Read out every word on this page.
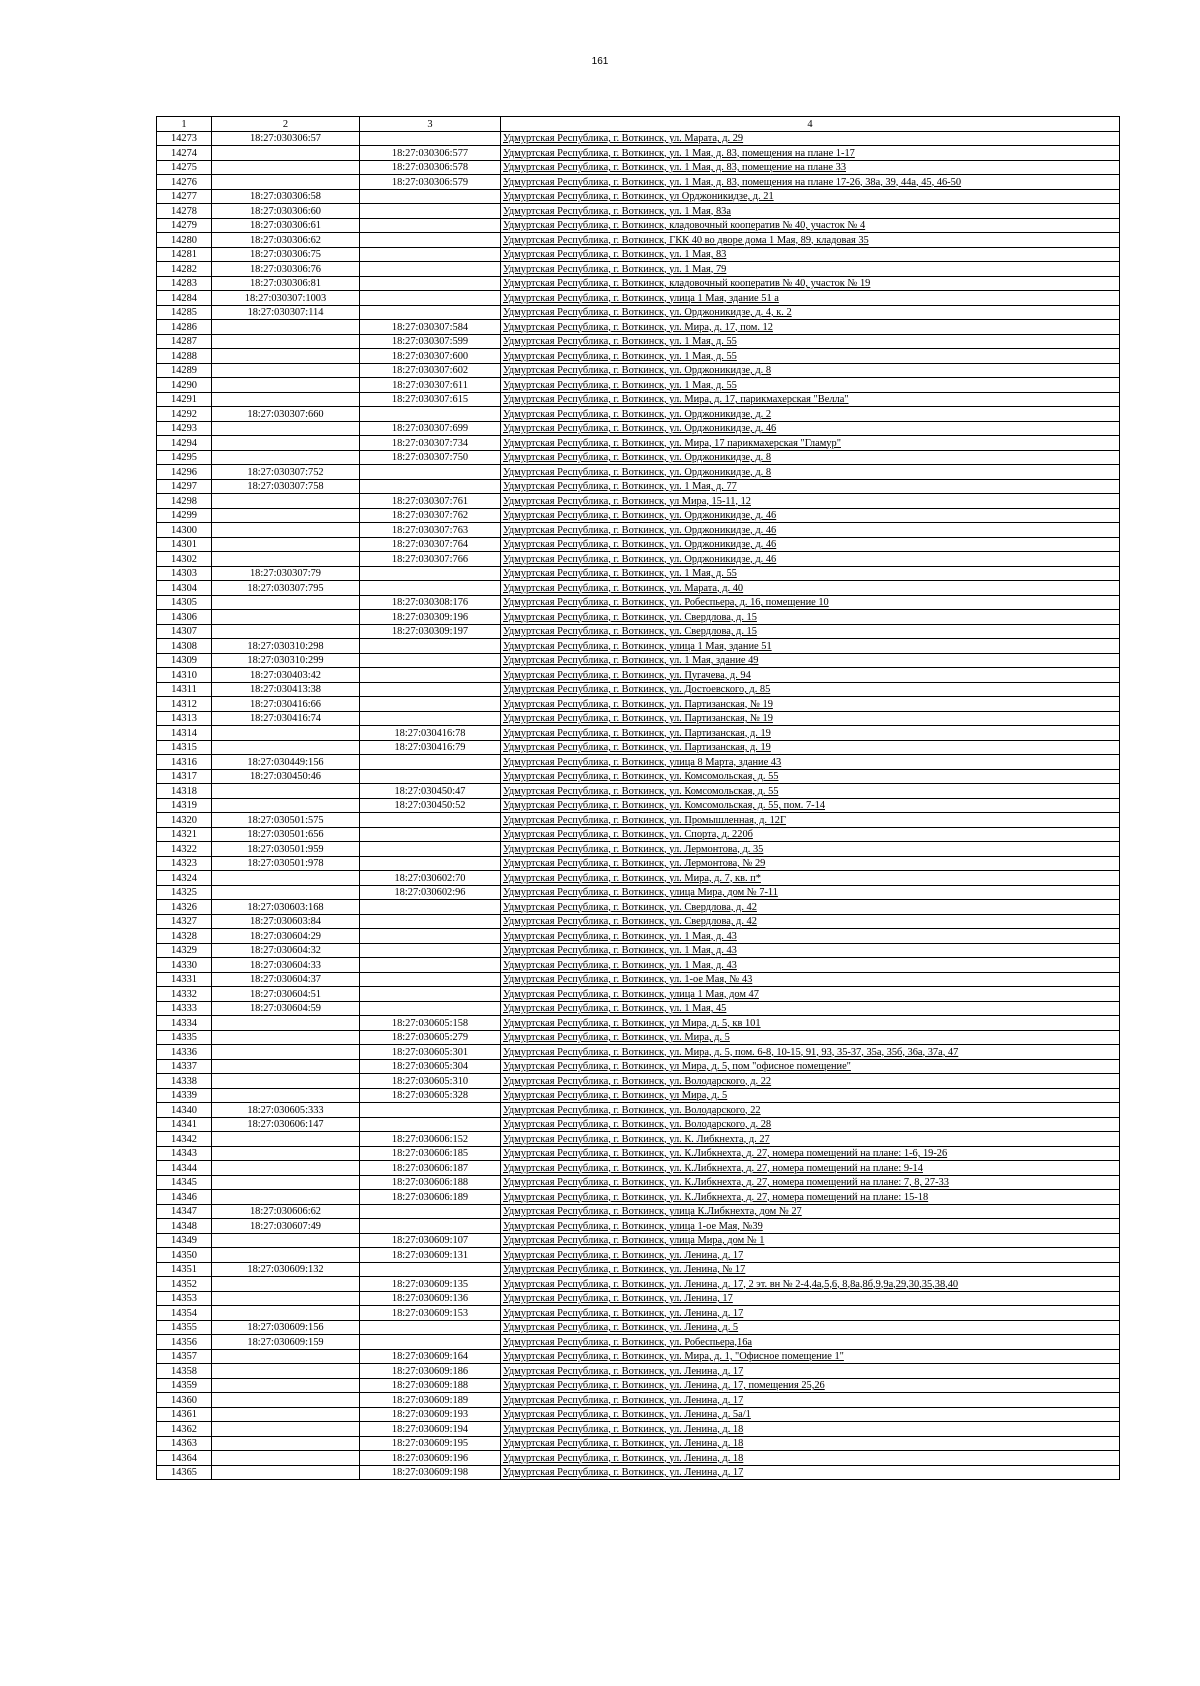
161
1	2	3	4
14273	18:27:030306:57		Удмуртская Республика, г. Воткинск, ул. Марата, д. 29
14274		18:27:030306:577	Удмуртская Республика, г. Воткинск, ул. 1 Мая, д. 83, помещения на плане 1-17
14275		18:27:030306:578	Удмуртская Республика, г. Воткинск, ул. 1 Мая, д. 83, помещение на плане 33
14276		18:27:030306:579	Удмуртская Республика, г. Воткинск, ул. 1 Мая, д. 83, помещения на плане 17-26, 38а, 39, 44а, 45, 46-50
14277	18:27:030306:58		Удмуртская Республика, г. Воткинск, ул Орджоникидзе, д. 21
14278	18:27:030306:60		Удмуртская Республика, г. Воткинск, ул. 1 Мая, 83а
14279	18:27:030306:61		Удмуртская Республика, г. Воткинск, кладовочный кооператив № 40, участок № 4
14280	18:27:030306:62		Удмуртская Республика, г. Воткинск, ГКК 40 во дворе дома 1 Мая, 89, кладовая 35
14281	18:27:030306:75		Удмуртская Республика, г. Воткинск, ул. 1 Мая, 83
14282	18:27:030306:76		Удмуртская Республика, г. Воткинск, ул. 1 Мая, 79
14283	18:27:030306:81		Удмуртская Республика, г. Воткинск, кладовочный кооператив № 40, участок № 19
14284	18:27:030307:1003		Удмуртская Республика, г. Воткинск, улица 1 Мая, здание 51 а
14285	18:27:030307:114		Удмуртская Республика, г. Воткинск, ул. Орджоникидзе, д. 4, к. 2
14286		18:27:030307:584	Удмуртская Республика, г. Воткинск, ул. Мира, д. 17, пом. 12
14287		18:27:030307:599	Удмуртская Республика, г. Воткинск, ул. 1 Мая, д. 55
14288		18:27:030307:600	Удмуртская Республика, г. Воткинск, ул. 1 Мая, д. 55
14289		18:27:030307:602	Удмуртская Республика, г. Воткинск, ул. Орджоникидзе, д. 8
14290		18:27:030307:611	Удмуртская Республика, г. Воткинск, ул. 1 Мая, д. 55
14291		18:27:030307:615	Удмуртская Республика, г. Воткинск, ул. Мира, д. 17, парикмахерская "Велла"
14292	18:27:030307:660		Удмуртская Республика, г. Воткинск, ул. Орджоникидзе, д. 2
14293		18:27:030307:699	Удмуртская Республика, г. Воткинск, ул. Орджоникидзе, д. 46
14294		18:27:030307:734	Удмуртская Республика, г. Воткинск, ул. Мира, 17 парикмахерская "Гламур"
14295		18:27:030307:750	Удмуртская Республика, г. Воткинск, ул. Орджоникидзе, д. 8
14296	18:27:030307:752		Удмуртская Республика, г. Воткинск, ул. Орджоникидзе, д. 8
14297	18:27:030307:758		Удмуртская Республика, г. Воткинск, ул. 1 Мая, д. 77
14298		18:27:030307:761	Удмуртская Республика, г. Воткинск, ул Мира, 15-11, 12
14299		18:27:030307:762	Удмуртская Республика, г. Воткинск, ул. Орджоникидзе, д. 46
14300		18:27:030307:763	Удмуртская Республика, г. Воткинск, ул. Орджоникидзе, д. 46
14301		18:27:030307:764	Удмуртская Республика, г. Воткинск, ул. Орджоникидзе, д. 46
14302		18:27:030307:766	Удмуртская Республика, г. Воткинск, ул. Орджоникидзе, д. 46
14303	18:27:030307:79		Удмуртская Республика, г. Воткинск, ул. 1 Мая, д. 55
14304	18:27:030307:795		Удмуртская Республика, г. Воткинск, ул. Марата, д. 40
14305		18:27:030308:176	Удмуртская Республика, г. Воткинск, ул. Робеспьера, д. 16, помещение 10
14306		18:27:030309:196	Удмуртская Республика, г. Воткинск, ул. Свердлова, д. 15
14307		18:27:030309:197	Удмуртская Республика, г. Воткинск, ул. Свердлова, д. 15
14308	18:27:030310:298		Удмуртская Республика, г. Воткинск, улица 1 Мая, здание 51
14309	18:27:030310:299		Удмуртская Республика, г. Воткинск, ул. 1 Мая, здание 49
14310	18:27:030403:42		Удмуртская Республика, г. Воткинск, ул. Пугачева, д. 94
14311	18:27:030413:38		Удмуртская Республика, г. Воткинск, ул. Достоевского, д. 85
14312	18:27:030416:66		Удмуртская Республика, г. Воткинск, ул. Партизанская, № 19
14313	18:27:030416:74		Удмуртская Республика, г. Воткинск, ул. Партизанская, № 19
14314		18:27:030416:78	Удмуртская Республика, г. Воткинск, ул. Партизанская, д. 19
14315		18:27:030416:79	Удмуртская Республика, г. Воткинск, ул. Партизанская, д. 19
14316	18:27:030449:156		Удмуртская Республика, г. Воткинск, улица 8 Марта, здание 43
14317	18:27:030450:46		Удмуртская Республика, г. Воткинск, ул. Комсомольская, д. 55
14318		18:27:030450:47	Удмуртская Республика, г. Воткинск, ул. Комсомольская, д. 55
14319		18:27:030450:52	Удмуртская Республика, г. Воткинск, ул. Комсомольская, д. 55, пом. 7-14
14320	18:27:030501:575		Удмуртская Республика, г. Воткинск, ул. Промышленная, д. 12Г
14321	18:27:030501:656		Удмуртская Республика, г. Воткинск, ул. Спорта, д. 220б
14322	18:27:030501:959		Удмуртская Республика, г. Воткинск, ул. Лермонтова, д. 35
14323	18:27:030501:978		Удмуртская Республика, г. Воткинск, ул. Лермонтова, № 29
14324		18:27:030602:70	Удмуртская Республика, г. Воткинск, ул. Мира, д. 7, кв. п*
14325		18:27:030602:96	Удмуртская Республика, г. Воткинск, улица Мира, дом № 7-11
14326	18:27:030603:168		Удмуртская Республика, г. Воткинск, ул. Свердлова, д. 42
14327	18:27:030603:84		Удмуртская Республика, г. Воткинск, ул. Свердлова, д. 42
14328	18:27:030604:29		Удмуртская Республика, г. Воткинск, ул. 1 Мая, д. 43
14329	18:27:030604:32		Удмуртская Республика, г. Воткинск, ул. 1 Мая, д. 43
14330	18:27:030604:33		Удмуртская Республика, г. Воткинск, ул. 1 Мая, д. 43
14331	18:27:030604:37		Удмуртская Республика, г. Воткинск, ул. 1-ое Мая, № 43
14332	18:27:030604:51		Удмуртская Республика, г. Воткинск, улица 1 Мая, дом 47
14333	18:27:030604:59		Удмуртская Республика, г. Воткинск, ул. 1 Мая, 45
14334		18:27:030605:158	Удмуртская Республика, г. Воткинск, ул Мира, д. 5, кв 101
14335		18:27:030605:279	Удмуртская Республика, г. Воткинск, ул. Мира, д. 5
14336		18:27:030605:301	Удмуртская Республика, г. Воткинск, ул. Мира, д. 5, пом. 6-8, 10-15, 91, 93, 35-37, 35а, 35б, 36а, 37а, 47
14337		18:27:030605:304	Удмуртская Республика, г. Воткинск, ул Мира, д. 5, пом "офисное помещение"
14338		18:27:030605:310	Удмуртская Республика, г. Воткинск, ул. Володарского, д. 22
14339		18:27:030605:328	Удмуртская Республика, г. Воткинск, ул Мира, д. 5
14340	18:27:030605:333		Удмуртская Республика, г. Воткинск, ул. Володарского, 22
14341	18:27:030606:147		Удмуртская Республика, г. Воткинск, ул. Володарского, д. 28
14342		18:27:030606:152	Удмуртская Республика, г. Воткинск, ул. К. Либкнехта, д. 27
14343		18:27:030606:185	Удмуртская Республика, г. Воткинск, ул. К.Либкнехта, д. 27, номера помещений на плане: 1-6, 19-26
14344		18:27:030606:187	Удмуртская Республика, г. Воткинск, ул. К.Либкнехта, д. 27, номера помещений на плане: 9-14
14345		18:27:030606:188	Удмуртская Республика, г. Воткинск, ул. К.Либкнехта, д. 27, номера помещений на плане: 7, 8, 27-33
14346		18:27:030606:189	Удмуртская Республика, г. Воткинск, ул. К.Либкнехта, д. 27, номера помещений на плане: 15-18
14347	18:27:030606:62		Удмуртская Республика, г. Воткинск, улица К.Либкнехта, дом № 27
14348	18:27:030607:49		Удмуртская Республика, г. Воткинск, улица 1-ое Мая, №39
14349		18:27:030609:107	Удмуртская Республика, г. Воткинск, улица Мира, дом № 1
14350		18:27:030609:131	Удмуртская Республика, г. Воткинск, ул. Ленина, д. 17
14351	18:27:030609:132		Удмуртская Республика, г. Воткинск, ул. Ленина, № 17
14352		18:27:030609:135	Удмуртская Республика, г. Воткинск, ул. Ленина, д. 17, 2 эт. вн № 2-4,4а,5,6, 8,8а,8б,9,9а,29,30,35,38,40
14353		18:27:030609:136	Удмуртская Республика, г. Воткинск, ул. Ленина, 17
14354		18:27:030609:153	Удмуртская Республика, г. Воткинск, ул. Ленина, д. 17
14355	18:27:030609:156		Удмуртская Республика, г. Воткинск, ул. Ленина, д. 5
14356	18:27:030609:159		Удмуртская Республика, г. Воткинск, ул. Робеспьера,16а
14357		18:27:030609:164	Удмуртская Республика, г. Воткинск, ул. Мира, д. 1, "Офисное помещение 1"
14358		18:27:030609:186	Удмуртская Республика, г. Воткинск, ул. Ленина, д. 17
14359		18:27:030609:188	Удмуртская Республика, г. Воткинск, ул. Ленина, д. 17, помещения 25,26
14360		18:27:030609:189	Удмуртская Республика, г. Воткинск, ул. Ленина, д. 17
14361		18:27:030609:193	Удмуртская Республика, г. Воткинск, ул. Ленина, д. 5а/1
14362		18:27:030609:194	Удмуртская Республика, г. Воткинск, ул. Ленина, д. 18
14363		18:27:030609:195	Удмуртская Республика, г. Воткинск, ул. Ленина, д. 18
14364		18:27:030609:196	Удмуртская Республика, г. Воткинск, ул. Ленина, д. 18
14365		18:27:030609:198	Удмуртская Республика, г. Воткинск, ул. Ленина, д. 17
